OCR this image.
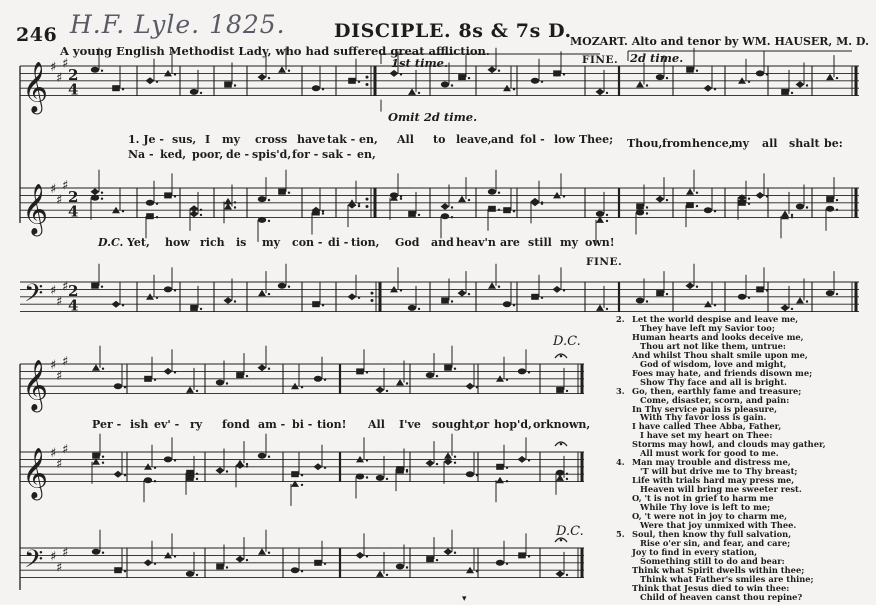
246 H.F. Lyle. 1825.	DISCIPLE. 8s & 7s D.
A young English Methodist Lady, who had suffered great affliction.
MOZART. Alto and tenor by WM. HAUSER, M. D.
1st time.	2d time.
Omit 2d time.
FINE.
FINE.
D.C.
D.C.
1. Je - sus, I my cross have tak - en, All to leave, and fol - low Thee; Thou, from hence,
my all shalt be:
Na - ked, poor, de - spis'd, for - sak - en,
D.C. Yet, how rich is my con - di - tion, God and heav'n are still my own!
Per - ish ev' - ry fond am - bi - tion! All I've sought,
or hop'd, or known,
2. Let the world despise and leave me,
They have left my Savior too;
Human hearts and looks deceive me,
Thou art not like them, untrue:
And whilst Thou shalt smile upon me,
God of wisdom, love and might,
Foes may hate, and friends disown me;
Show Thy face and all is bright.
3. Go, then, earthly fame and treasure;
Come, disaster, scorn, and pain:
In Thy service pain is pleasure,
With Thy favor loss is gain.
I have called Thee Abba, Father,
I have set my heart on Thee:
Storms may howl, and clouds may gather,
All must work for good to me.
4. Man may trouble and distress me,
'T will but drive me to Thy breast;
Life with trials hard may press me,
Heaven will bring me sweeter rest.
O, 't is not in grief to harm me
While Thy love is left to me;
O, 't were not in joy to charm me,
Were that joy unmixed with Thee.
5. Soul, then know thy full salvation,
Rise o'er sin, and fear, and care;
Joy to find in every station,
Something still to do and bear:
Think what Spirit dwells within thee;
Think what Father's smiles are thine;
Think that Jesus died to win thee:
Child of heaven canst thou repine?
▾
𝄞 ♯
♯
♯
2
4
𝄞 ♯
♯
♯
2
4
𝄢 ♯
♯
♯ 2
4
𝄞 ♯
♯
♯
𝄞 ♯
♯
♯
𝄢 ♯
♯
♯
